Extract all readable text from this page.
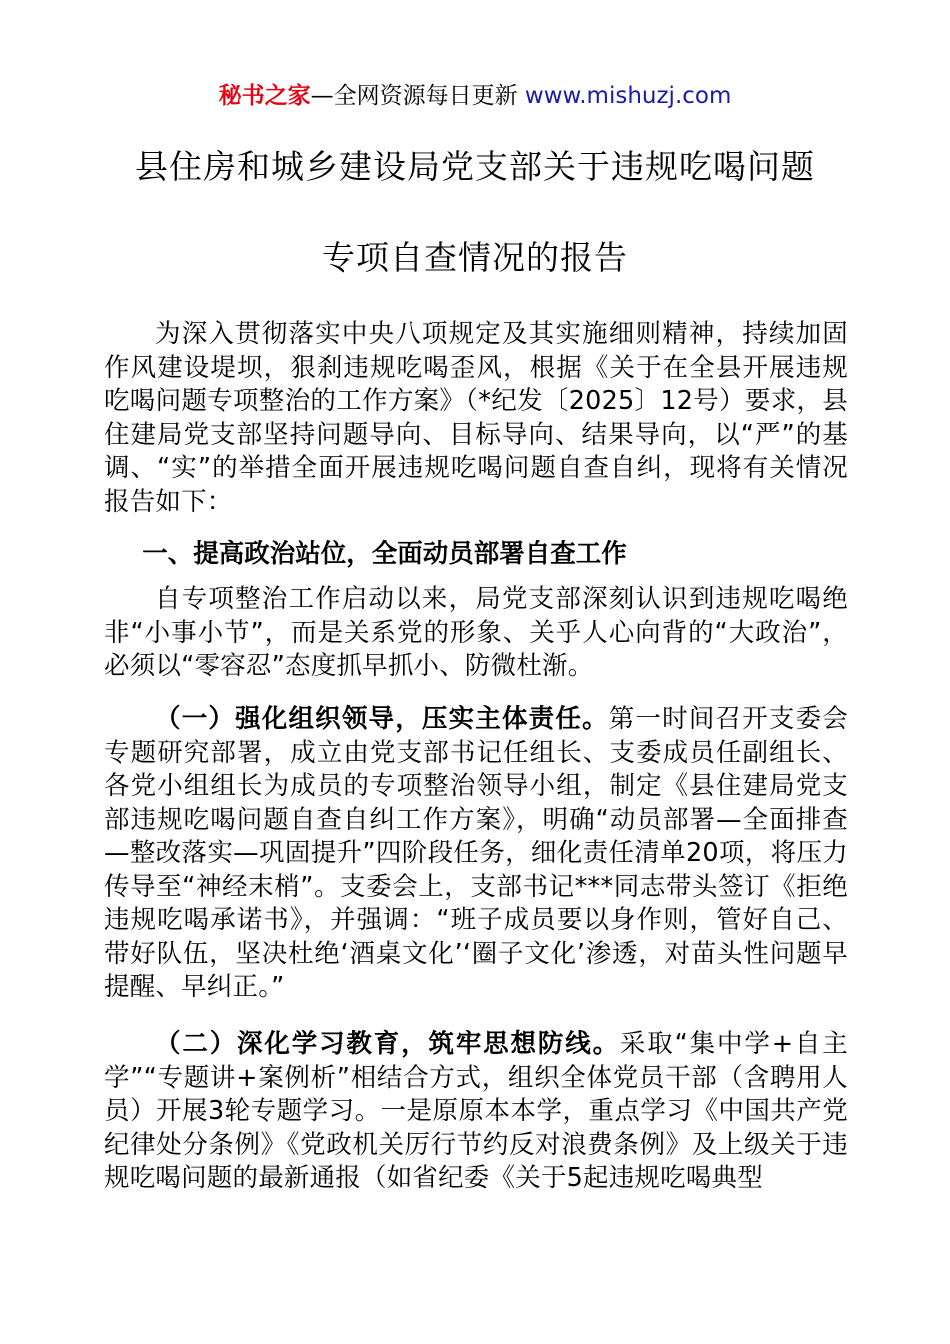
秘书之家—全网资源每日更新 www.mishuzj.com
县住房和城乡建设局党支部关于违规吃喝问题
专项自查情况的报告
为深入贯彻落实中央八项规定及其实施细则精神，持续加固作风建设堤坝，狠刹违规吃喝歪风，根据《关于在全县开展违规吃喝问题专项整治的工作方案》（*纪发〔2025〕12号）要求，县住建局党支部坚持问题导向、目标导向、结果导向，以“严”的基调、“实”的举措全面开展违规吃喝问题自查自纠，现将有关情况报告如下：
一、提高政治站位，全面动员部署自查工作
自专项整治工作启动以来，局党支部深刻认识到违规吃喝绝非“小事小节”，而是关系党的形象、关乎人心向背的“大政治”，必须以“零容忍”态度抓早抓小、防微杜渐。
（一）强化组织领导，压实主体责任。第一时间召开支委会专题研究部署，成立由党支部书记任组长、支委成员任副组长、各党小组组长为成员的专项整治领导小组，制定《县住建局党支部违规吃喝问题自查自纠工作方案》，明确“动员部署—全面排查—整改落实—巩固提升”四阶段任务，细化责任清单20项，将压力传导至“神经末梢”。支委会上，支部书记***同志带头签订《拒绝违规吃喝承诺书》，并强调：“班子成员要以身作则，管好自己、带好队伍，坚决杜绝‘酒桌文化’‘圈子文化’渗透，对苗头性问题早提醒、早纠正。”
（二）深化学习教育，筑牢思想防线。采取“集中学+自主学”“专题讲+案例析”相结合方式，组织全体党员干部（含聘用人员）开展3轮专题学习。一是原原本本学，重点学习《中国共产党纪律处分条例》《党政机关厉行节约反对浪费条例》及上级关于违规吃喝问题的最新通报（如省纪委《关于5起违规吃喝典型
